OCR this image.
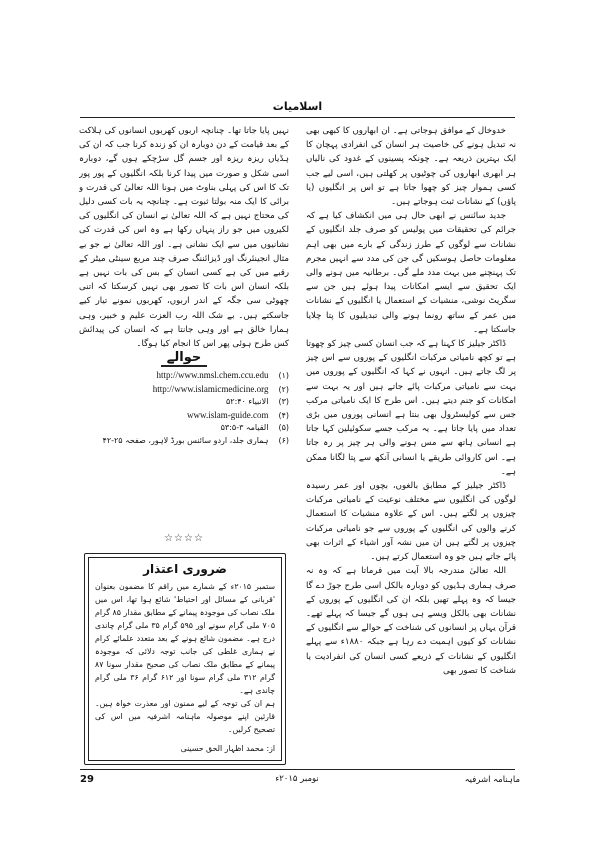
اسلامیات

خدوخال کے موافق ہوجاتی ہے۔ ان ابھاروں کا کبھی بھی نہ تبدیل ہونے کی خاصیت ہر انسان کی انفرادی پہچان کا ایک بہترین ذریعہ ہے۔ چونکہ پسینوں کے غدود کی نالیاں ہر ابھری ابھاروں کی چوٹیوں پر کھلتی ہیں، اسی لیے جب کسی ہموار چیز کو چھوا جاتا ہے تو اس پر انگلیوں (یا پاؤں) کے نشانات ثبت ہوجاتے ہیں۔

جدید سائنس نے ابھی حال ہی میں انکشاف کیا ہے کہ جرائم کی تحقیقات میں پولیس کو صرف جلد انگلیوں کے نشانات سے لوگوں کے طرز زندگی کے بارے میں بھی اہم معلومات حاصل ہوسکیں گی جن کی مدد سے انہیں مجرم تک پہنچنے میں بہت مدد ملے گی۔ برطانیہ میں ہونے والی ایک تحقیق سے ایسے امکانات پیدا ہوئے ہیں جن سے سگریٹ نوشی، منشیات کے استعمال یا انگلیوں کے نشانات میں عمر کے ساتھ رونما ہونے والی تبدیلیوں کا پتا چلایا جاسکتا ہے۔

ڈاکٹر جیلیز کا کہنا ہے کہ جب انسان کسی چیز کو چھوتا ہے تو کچھ نامیاتی مرکبات انگلیوں کے پوروں سے اس چیز پر لگ جاتے ہیں۔ انہوں نے کہا کہ انگلیوں کے پوروں میں بہت سے نامیاتی مرکبات پائے جاتے ہیں اور یہ بہت سے امکانات کو جنم دیتے ہیں۔ اس طرح کا ایک نامیاتی مرکب جس سے کولیسٹرول بھی بنتا ہے انسانی پوروں میں بڑی تعداد میں پایا جاتا ہے۔ یہ مرکب جسے سکوئیلین کہا جاتا ہے انسانی ہاتھ سے مس ہونے والی ہر چیز پر رہ جاتا ہے۔ اس کاروائی طریقے یا انسانی آنکھ سے پتا لگانا ممکن ہے۔

ڈاکٹر جیلیز کے مطابق بالغوں، بچوں اور عمر رسیدہ لوگوں کی انگلیوں سے مختلف نوعیت کے نامیاتی مرکبات چیزوں پر لگتے ہیں۔ اس کے علاوہ منشیات کا استعمال کرنے والوں کی انگلیوں کے پوروں سے جو نامیاتی مرکبات چیزوں پر لگتے ہیں ان میں نشہ آور اشیاء کے اثرات بھی پائے جاتے ہیں جو وہ استعمال کرتے ہیں۔

اللہ تعالیٰ مندرجہ بالا آیت میں فرماتا ہے کہ وہ نہ صرف ہماری ہڈیوں کو دوبارہ بالکل اسی طرح جوڑ دے گا جیسا کہ وہ پہلے تھیں بلکہ ان کی انگلیوں کے پوروں کے نشانات بھی بالکل ویسے ہی ہوں گے جیسا کہ پہلے تھے۔ قرآن یہاں پر انسانوں کی شناخت کے حوالے سے انگلیوں کے نشانات کو کیوں اہمیت دے رہا ہے جبکہ ۱۸۸۰ء سے پہلے انگلیوں کے نشانات کے ذریعے کسی انسان کی انفرادیت یا شناخت کا تصور بھی

نہیں پایا جاتا تھا۔ چنانچہ اربوں کھربوں انسانوں کی ہلاکت کے بعد قیامت کے دن دوبارہ ان کو زندہ کرنا جب کہ ان کی ہڈیاں ریزہ ریزہ اور جسم گل سڑچکے ہوں گے، دوبارہ اسی شکل و صورت میں پیدا کرنا بلکہ انگلیوں کے پور پور تک کا اس کی پہلی بناوٹ میں ہونا اللہ تعالیٰ کی قدرت و برائی کا ایک منہ بولتا ثبوت ہے۔ چنانچہ یہ بات کسی دلیل کی محتاج نہیں ہے کہ اللہ تعالیٰ نے انسان کی انگلیوں کی لکیروں میں جو راز پنہاں رکھا ہے وہ اس کی قدرت کی نشانیوں میں سے ایک نشانی ہے۔ اور اللہ تعالیٰ نے جو بے مثال انجینئرنگ اور ڈیزائننگ صرف چند مربع سینٹی میٹر کے رقبے میں کی ہے کسی انسان کے بس کی بات نہیں ہے بلکہ انسان اس بات کا تصور بھی نہیں کرسکتا کہ اتنی چھوٹی سی جگہ کے اندر اربوں، کھربوں نمونے تیار کیے جاسکتے ہیں۔ بے شک اللہ رب العزت علیم و خبیر، وہی ہمارا خالق ہے اور وہی جانتا ہے کہ انسان کی پیدائش کس طرح ہوئی پھر اس کا انجام کیا ہوگا۔

حوالے
(۱) http://www.nmsl.chem.ccu.edu
(۲) http://www.islamicmedicine.org
(۳) الانبیاء ۵۲:۴۰
(۴) www.islam-guide.com
(۵) القیامہ ۳-۵۳:۵
(۶) ہماری جلد، اردو سائنس بورڈ لاہور، صفحہ ۲۵-۴۲
☆☆☆☆
ضروری اعتذار

ستمبر ۲۰۱۵ء کے شمارے میں راقم کا مضمون بعنوان 'قربانی کے مسائل اور احتیاط' شائع ہوا تھا، اس میں ملک نصاب کی موجودہ پیمانے کے مطابق مقدار ۸۵ گرام ۷۰۵ ملی گرام سونے اور ۵۹۵ گرام ۳۵ ملی گرام چاندی درج ہے۔ مضمون شائع ہونے کے بعد متعدد علمائے کرام نے ہماری غلطی کی جانب توجہ دلائی کہ موجودہ پیمانے کے مطابق ملک نصاب کی صحیح مقدار سونا ۸۷ گرام ۳۱۲ ملی گرام سونا اور ۶۱۲ گرام ۳۶ ملی گرام چاندی ہے۔

ہم ان کی توجہ کے لیے ممنون اور معذرت خواہ ہیں۔ قارئین اپنے موصولہ ماہنامہ اشرفیہ میں اس کی تصحیح کرلیں۔

از: محمد اظہار الحق حسینی
ماہنامہ اشرفیہ
نومبر ۲۰۱۵ء
29
